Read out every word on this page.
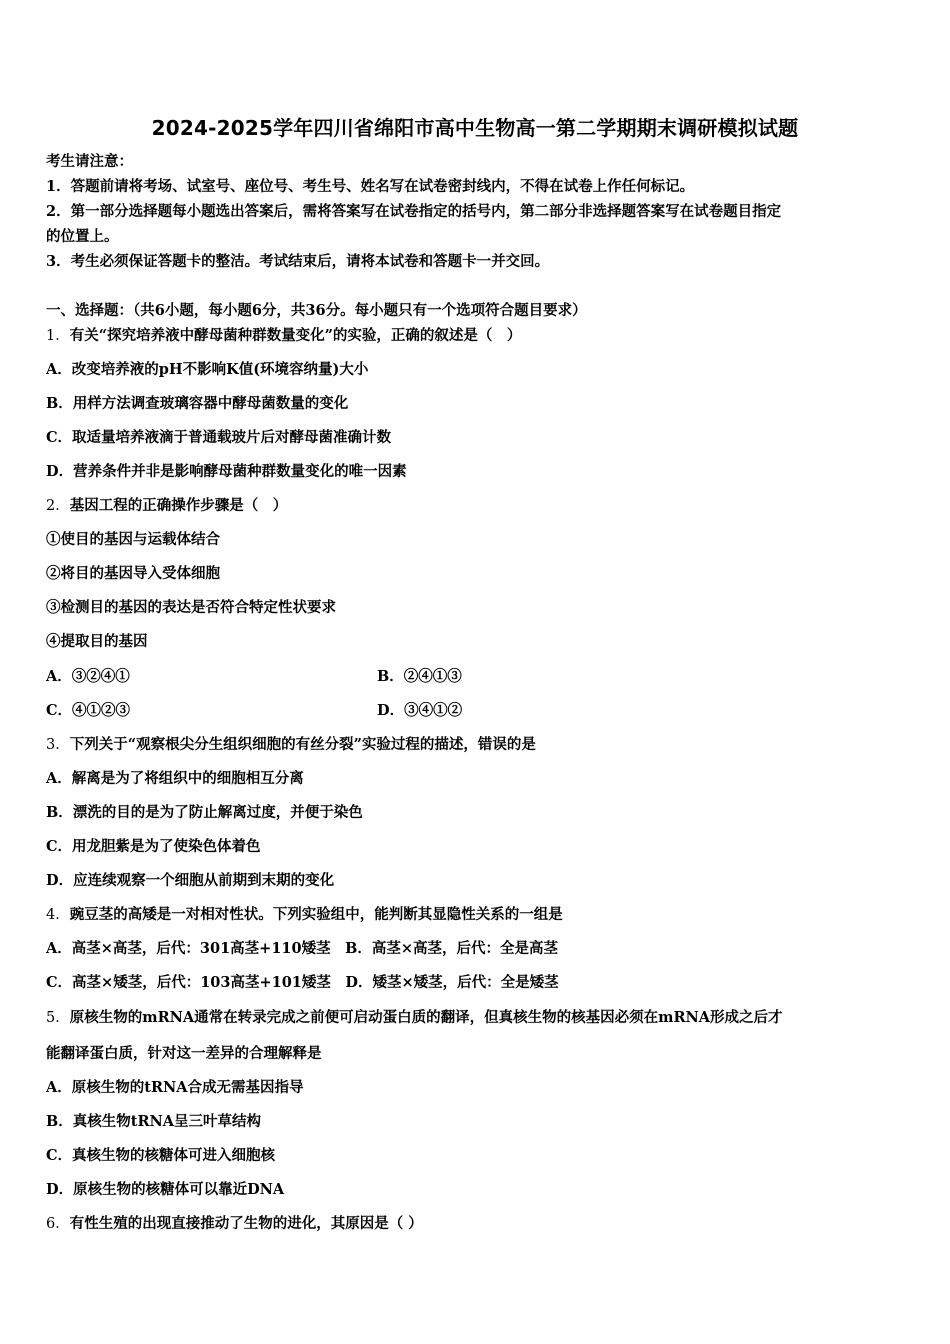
2024-2025学年四川省绵阳市高中生物高一第二学期期末调研模拟试题
考生请注意：
1．答题前请将考场、试室号、座位号、考生号、姓名写在试卷密封线内，不得在试卷上作任何标记。
2．第一部分选择题每小题选出答案后，需将答案写在试卷指定的括号内，第二部分非选择题答案写在试卷题目指定
的位置上。
3．考生必须保证答题卡的整洁。考试结束后，请将本试卷和答题卡一并交回。
一、选择题：（共6小题，每小题6分，共36分。每小题只有一个选项符合题目要求）
1．有关“探究培养液中酵母菌种群数量变化”的实验，正确的叙述是（　）
A．改变培养液的pH不影响K值(环境容纳量)大小
B．用样方法调查玻璃容器中酵母菌数量的变化
C．取适量培养液滴于普通载玻片后对酵母菌准确计数
D．营养条件并非是影响酵母菌种群数量变化的唯一因素
2．基因工程的正确操作步骤是（　）
①使目的基因与运载体结合
②将目的基因导入受体细胞
③检测目的基因的表达是否符合特定性状要求
④提取目的基因
A．③②④①	B．②④①③
C．④①②③	D．③④①②
3．下列关于“观察根尖分生组织细胞的有丝分裂”实验过程的描述，错误的是
A．解离是为了将组织中的细胞相互分离
B．漂洗的目的是为了防止解离过度，并便于染色
C．用龙胆紫是为了使染色体着色
D．应连续观察一个细胞从前期到末期的变化
4．豌豆茎的高矮是一对相对性状。下列实验组中，能判断其显隐性关系的一组是
A．高茎×高茎，后代：301高茎+110矮茎　B．高茎×高茎，后代：全是高茎
C．高茎×矮茎，后代：103高茎+101矮茎　D．矮茎×矮茎，后代：全是矮茎
5．原核生物的mRNA通常在转录完成之前便可启动蛋白质的翻译，但真核生物的核基因必须在mRNA形成之后才
能翻译蛋白质，针对这一差异的合理解释是
A．原核生物的tRNA合成无需基因指导
B．真核生物tRNA呈三叶草结构
C．真核生物的核糖体可进入细胞核
D．原核生物的核糖体可以靠近DNA
6．有性生殖的出现直接推动了生物的进化，其原因是（ ）
